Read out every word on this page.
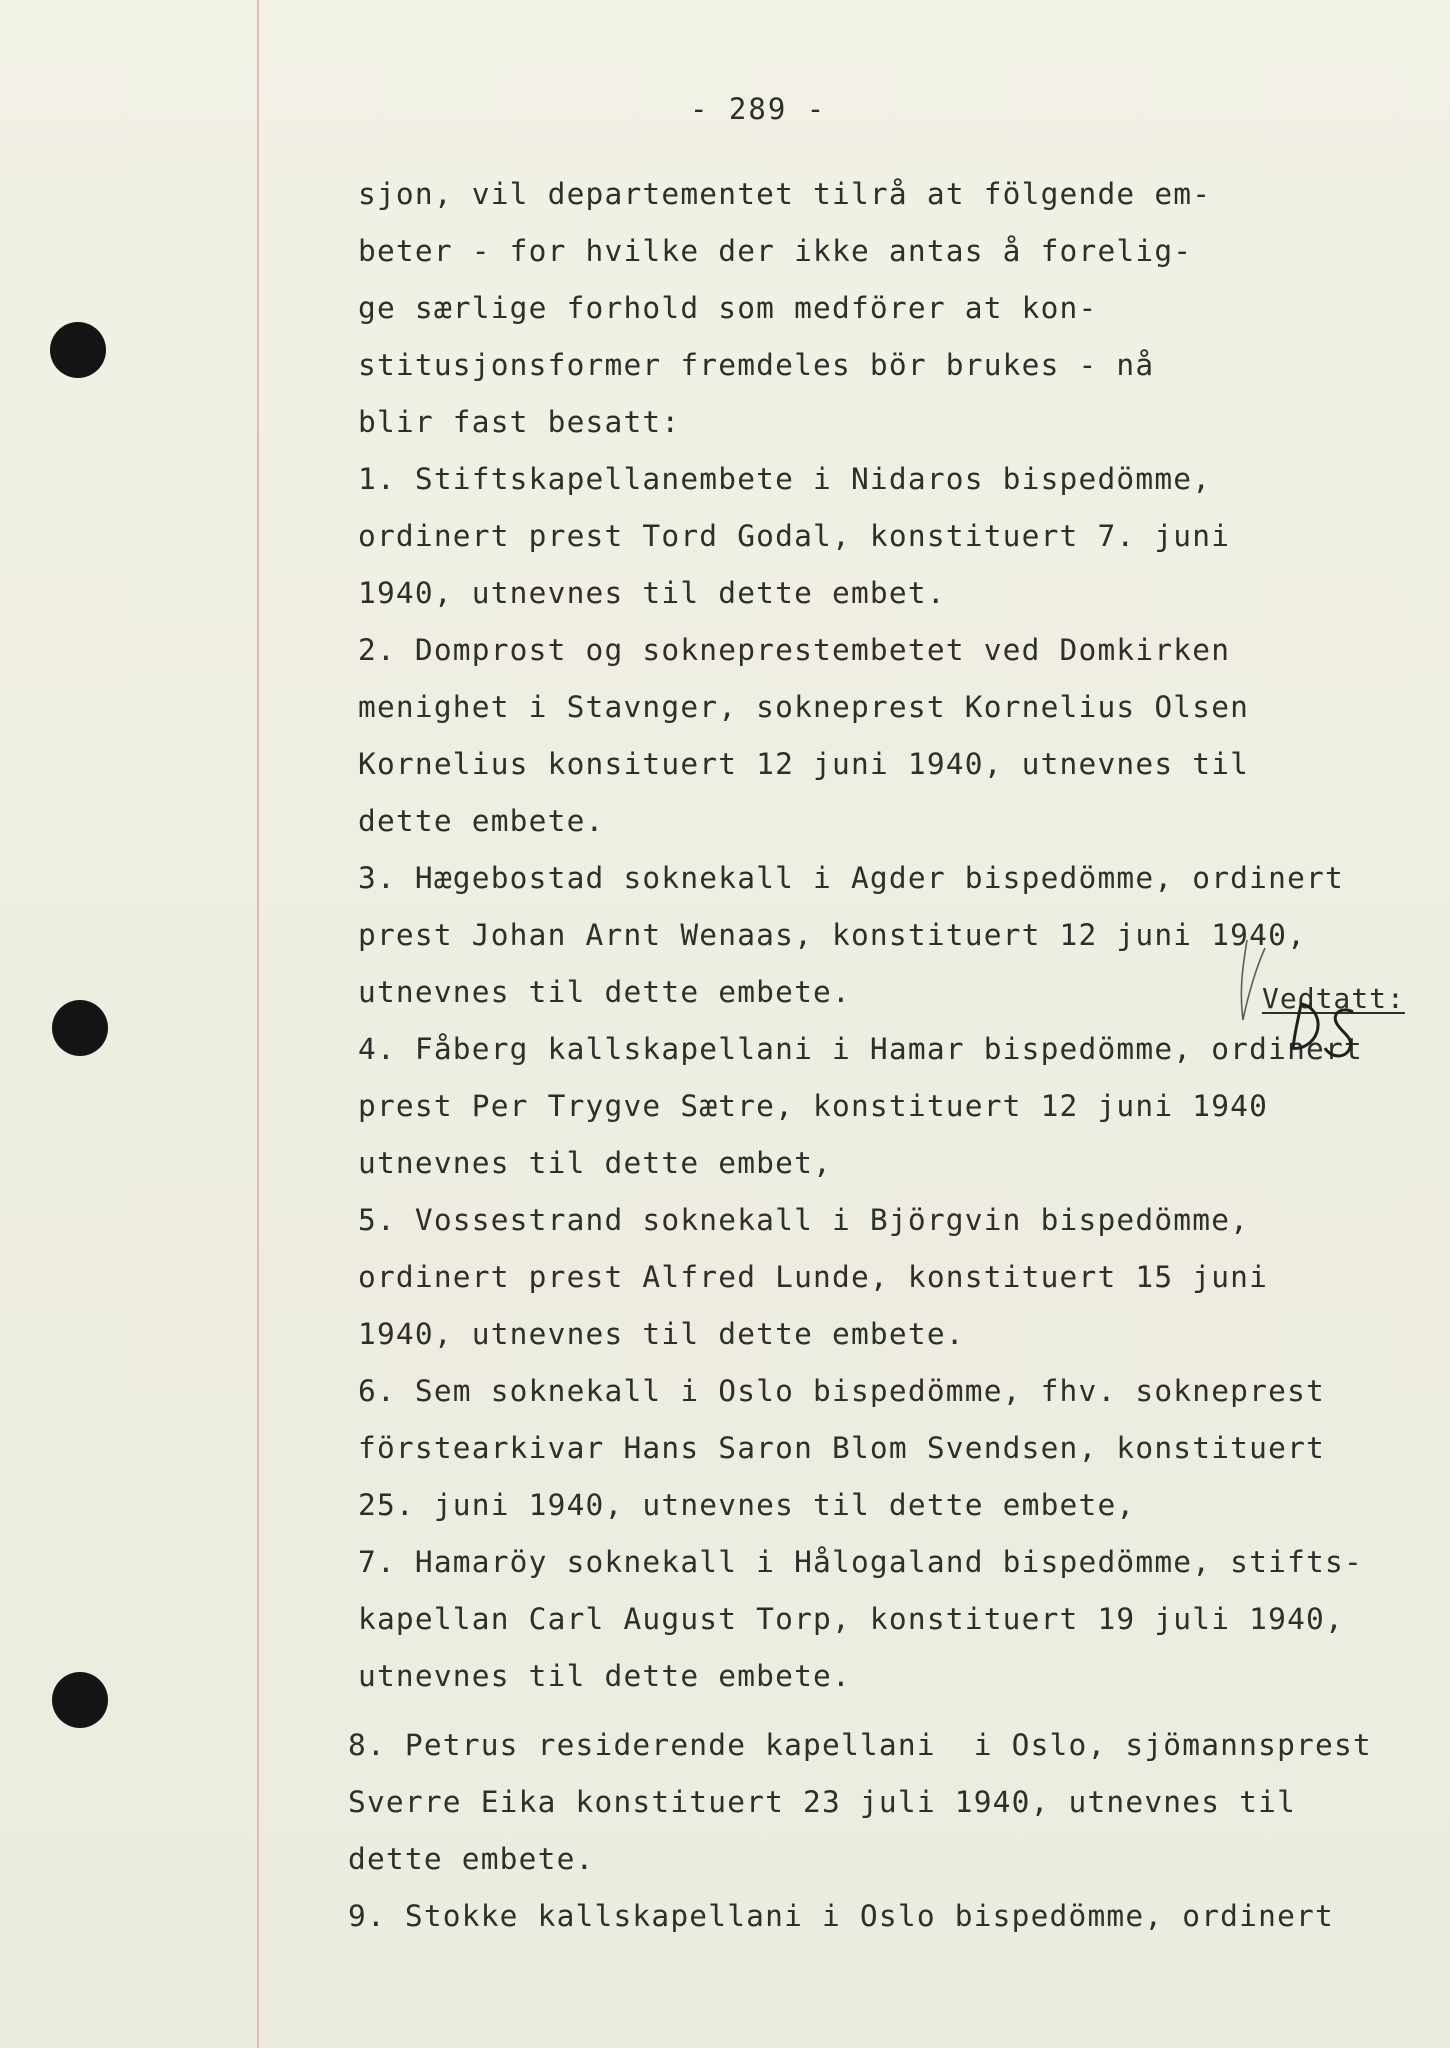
- 289 -
sjon, vil departementet tilrå at fölgende em-
beter - for hvilke der ikke antas å forelig-
ge særlige forhold som medförer at kon-
stitusjonsformer fremdeles bör brukes - nå
blir fast besatt:
1. Stiftskapellanembete i Nidaros bispedömme,
ordinert prest Tord Godal, konstituert 7. juni
1940, utnevnes til dette embet.
2. Domprost og sokneprestembetet ved Domkirken
menighet i Stavnger, sokneprest Kornelius Olsen
Kornelius konsituert 12 juni 1940, utnevnes til
dette embete.
3. Hægebostad soknekall i Agder bispedömme, ordinert
prest Johan Arnt Wenaas, konstituert 12 juni 1940,
utnevnes til dette embete.
4. Fåberg kallskapellani i Hamar bispedömme, ordinert
prest Per Trygve Sætre, konstituert 12 juni 1940
utnevnes til dette embet,
5. Vossestrand soknekall i Björgvin bispedömme,
ordinert prest Alfred Lunde, konstituert 15 juni
1940, utnevnes til dette embete.
6. Sem soknekall i Oslo bispedömme, fhv. sokneprest
förstearkivar Hans Saron Blom Svendsen, konstituert
25. juni 1940, utnevnes til dette embete,
7. Hamaröy soknekall i Hålogaland bispedömme, stifts-
kapellan Carl August Torp, konstituert 19 juli 1940,
utnevnes til dette embete.
8. Petrus residerende kapellani  i Oslo, sjömannsprest
Sverre Eika konstituert 23 juli 1940, utnevnes til
dette embete.
9. Stokke kallskapellani i Oslo bispedömme, ordinert
Vedtatt:
